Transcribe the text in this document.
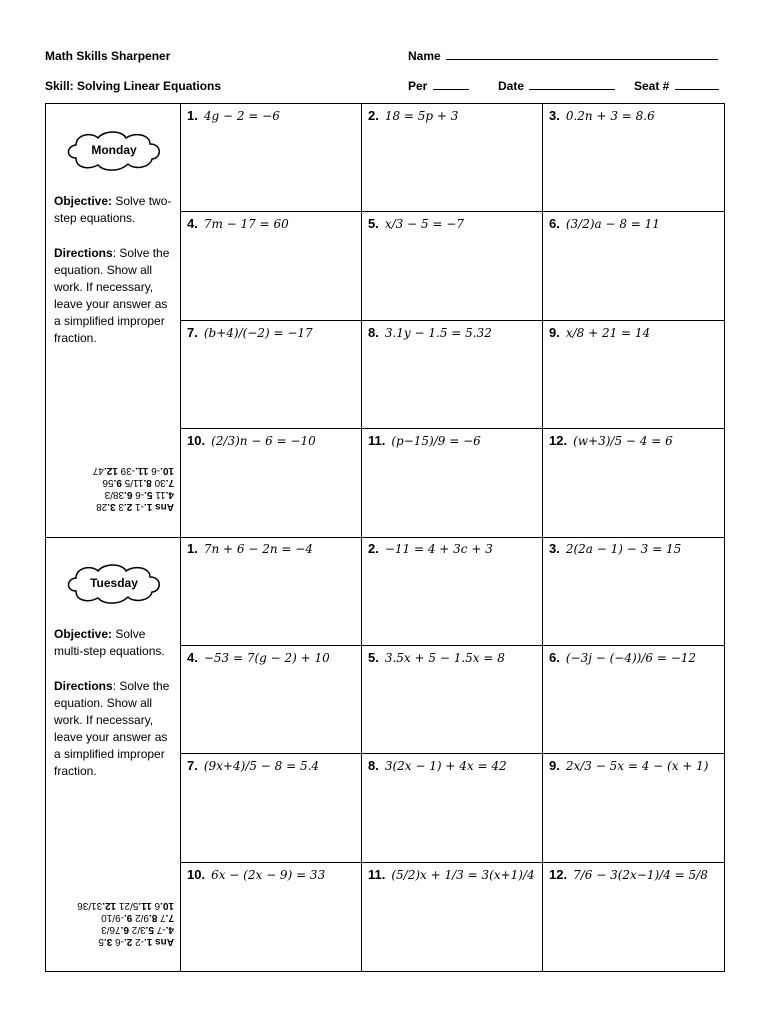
Math Skills Sharpener
Skill: Solving Linear Equations
Name
Per	Date	Seat #
Monday
Objective: Solve two-step equations.
Directions: Solve the equation. Show all work. If necessary, leave your answer as a simplified improper fraction.
Ans 1.-1 2.3 3.28
4.11 5.-6 6.38/3
7.30 8.11/5 9.56
10.-6 11.-39 12.47
1. 4g − 2 = −6	2. 18 = 5p + 3	3. 0.2n + 3 = 8.6
4. 7m − 17 = 60	5. x/3 − 5 = −7	6. (3/2)a − 8 = 11
7. (b+4)/(−2) = −17	8. 3.1y − 1.5 = 5.32	9. x/8 + 21 = 14
10. (2/3)n − 6 = −10	11. (p−15)/9 = −6	12. (w+3)/5 − 4 = 6
Tuesday
Objective: Solve multi-step equations.
Directions: Solve the equation. Show all work. If necessary, leave your answer as a simplified improper fraction.
Ans 1.-2 2.-6 3.5
4.-7 5.3/2 6.76/3
7.7 8.9/2 9.-9/10
10.6 11.5/21 12.31/36
1. 7n + 6 − 2n = −4	2. −11 = 4 + 3c + 3	3. 2(2a − 1) − 3 = 15
4. −53 = 7(g − 2) + 10	5. 3.5x + 5 − 1.5x = 8	6. (−3j − (−4))/6 = −12
7. (9x+4)/5 − 8 = 5.4	8. 3(2x − 1) + 4x = 42	9. 2x/3 − 5x = 4 − (x + 1)
10. 6x − (2x − 9) = 33	11. (5/2)x + 1/3 = 3(x+1)/4	12. 7/6 − 3(2x−1)/4 = 5/8
